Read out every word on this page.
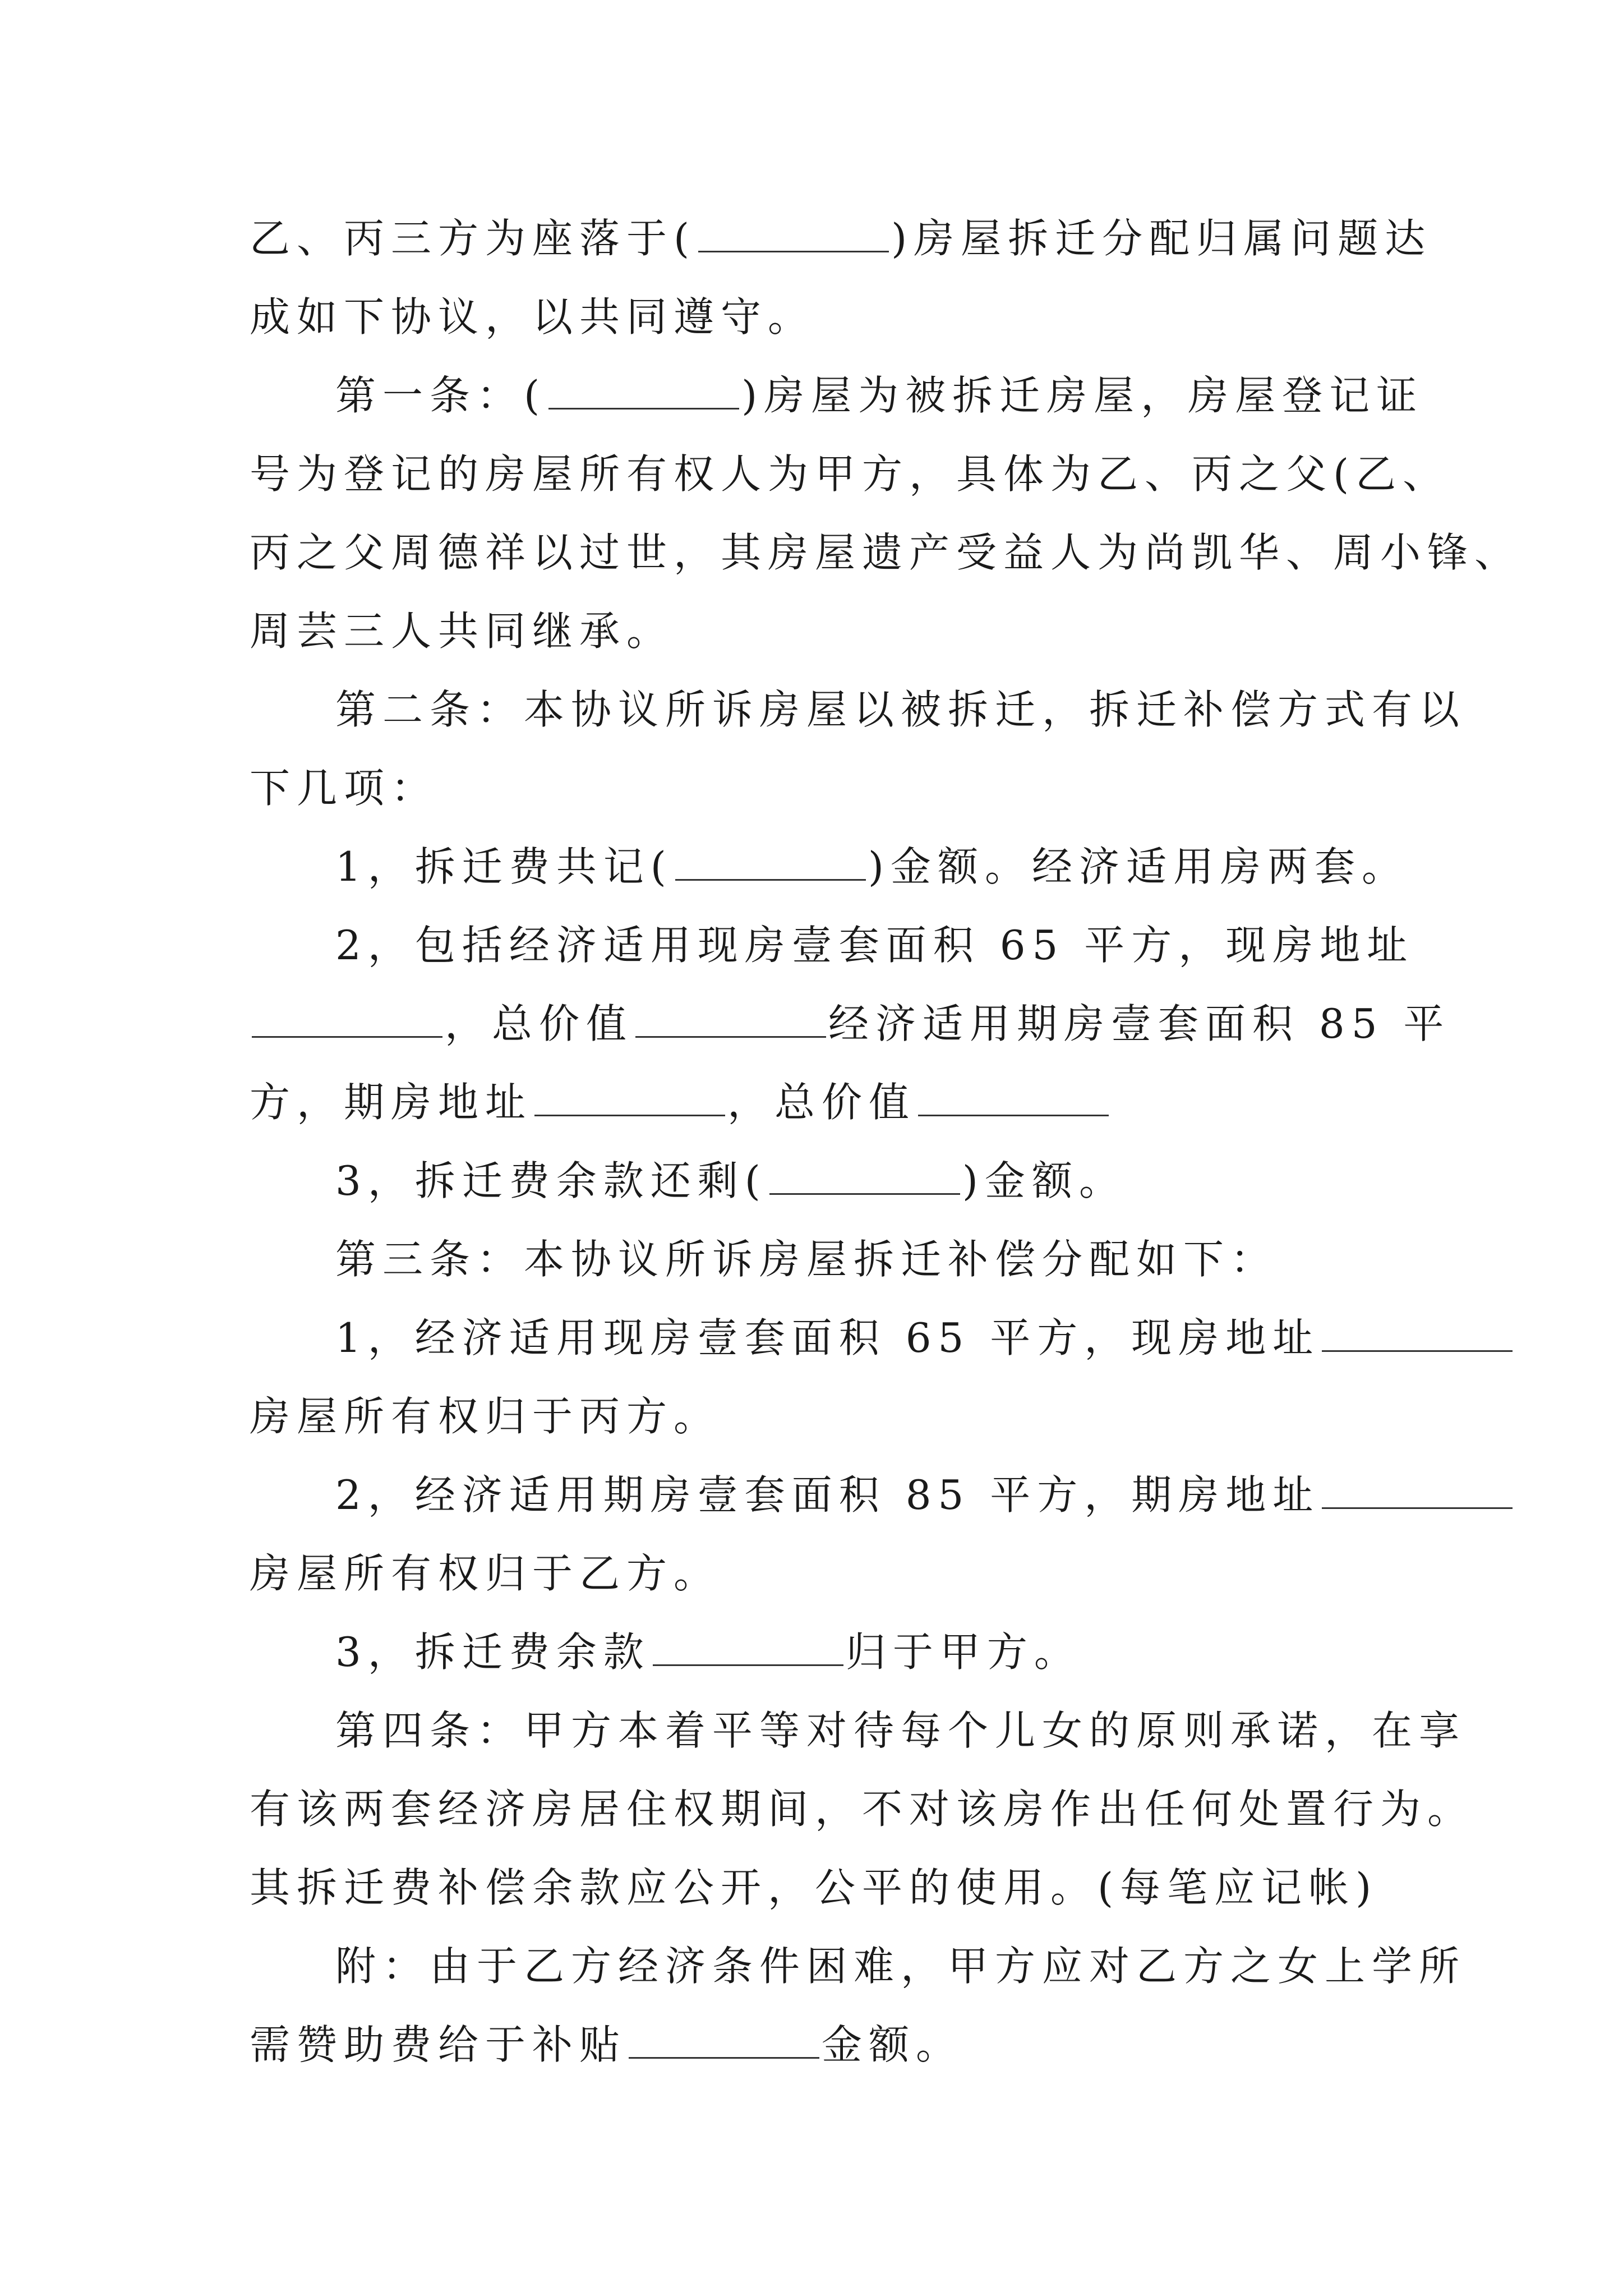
乙、丙三方为座落于(	)房屋拆迁分配归属问题达
成如下协议，以共同遵守。
第一条：(	)房屋为被拆迁房屋，房屋登记证
号为登记的房屋所有权人为甲方，具体为乙、丙之父(乙、
丙之父周德祥以过世，其房屋遗产受益人为尚凯华、周小锋、
周芸三人共同继承。
第二条：本协议所诉房屋以被拆迁，拆迁补偿方式有以
下几项：
1，拆迁费共记(	)金额。经济适用房两套。
2，包括经济适用现房壹套面积 65 平方，现房地址
，总价值	经济适用期房壹套面积 85 平
方，期房地址	，总价值
3，拆迁费余款还剩(	)金额。
第三条：本协议所诉房屋拆迁补偿分配如下：
1，经济适用现房壹套面积 65 平方，现房地址
房屋所有权归于丙方。
2，经济适用期房壹套面积 85 平方，期房地址
房屋所有权归于乙方。
3，拆迁费余款	归于甲方。
第四条：甲方本着平等对待每个儿女的原则承诺，在享
有该两套经济房居住权期间，不对该房作出任何处置行为。
其拆迁费补偿余款应公开，公平的使用。(每笔应记帐)
附：由于乙方经济条件困难，甲方应对乙方之女上学所
需赞助费给于补贴	金额。
